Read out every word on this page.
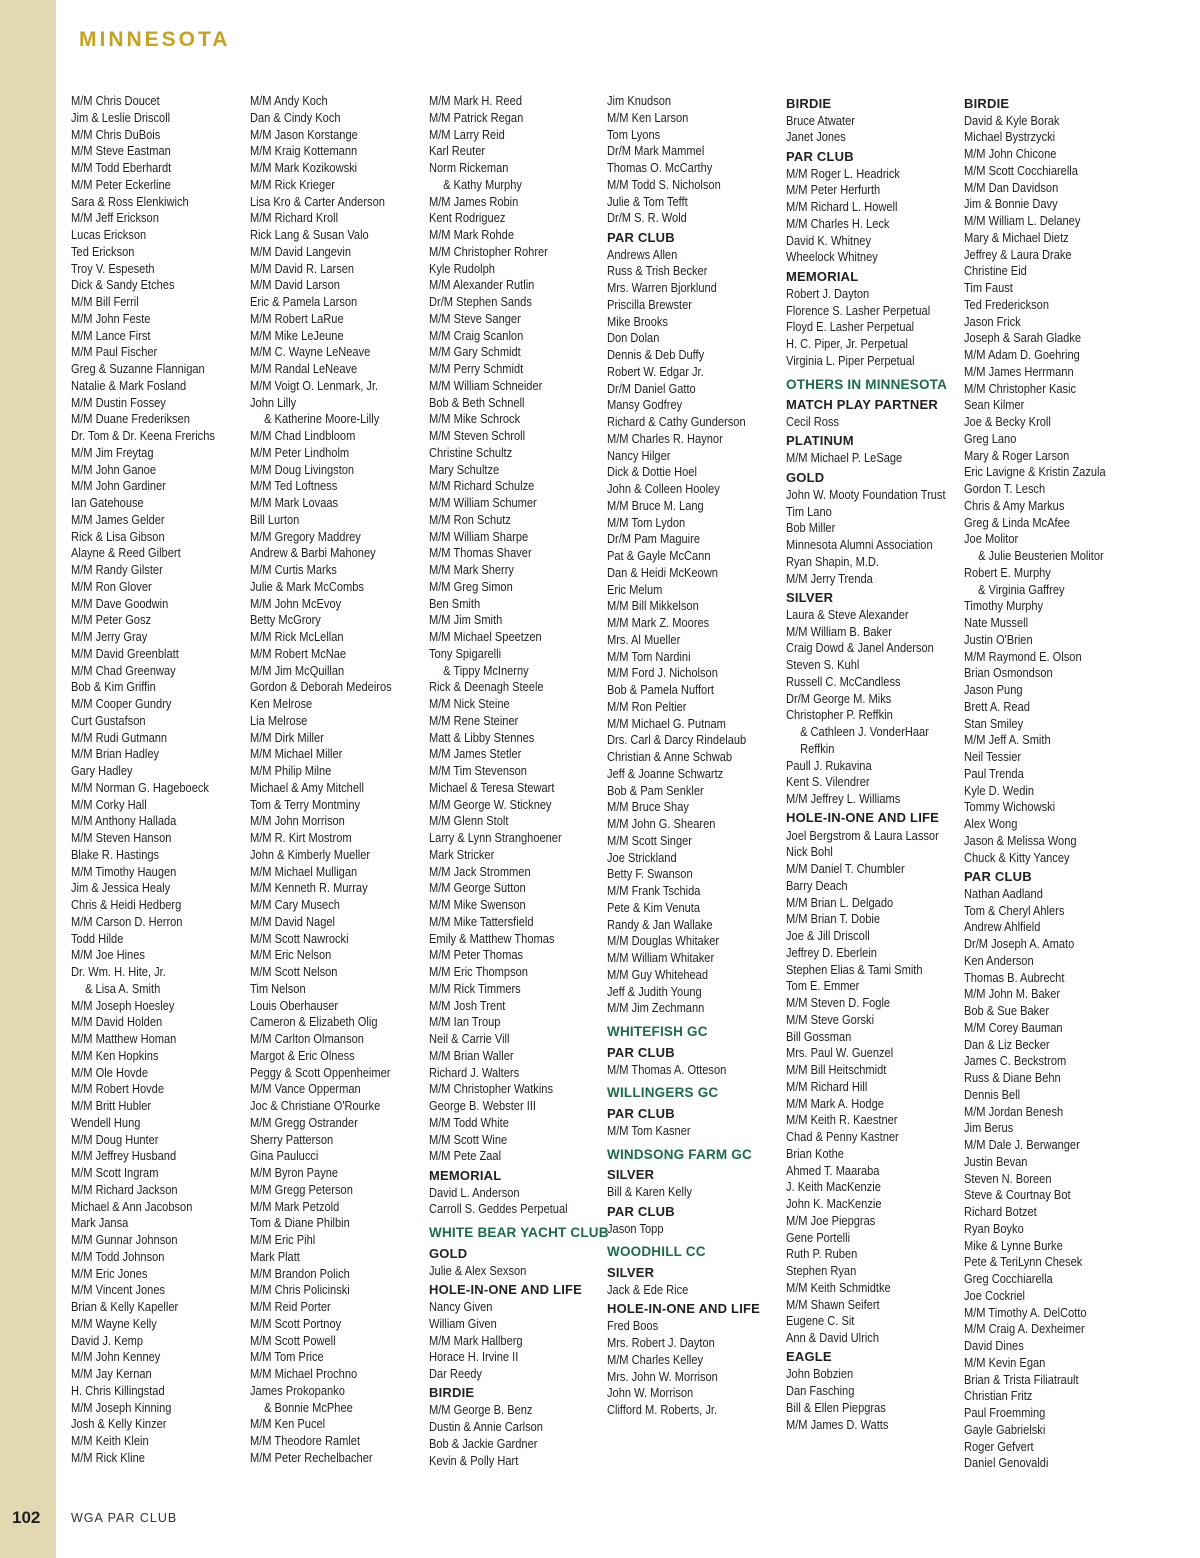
MINNESOTA
M/M Chris Doucet
Jim & Leslie Driscoll
M/M Chris DuBois
M/M Steve Eastman
M/M Todd Eberhardt
M/M Peter Eckerline
Sara & Ross Elenkiwich
M/M Jeff Erickson
Lucas Erickson
Ted Erickson
Troy V. Espeseth
Dick & Sandy Etches
M/M Bill Ferril
M/M John Feste
M/M Lance First
M/M Paul Fischer
Greg & Suzanne Flannigan
Natalie & Mark Fosland
M/M Dustin Fossey
M/M Duane Frederiksen
Dr. Tom & Dr. Keena Frerichs
M/M Jim Freytag
M/M John Ganoe
M/M John Gardiner
Ian Gatehouse
M/M James Gelder
Rick & Lisa Gibson
Alayne & Reed Gilbert
M/M Randy Gilster
M/M Ron Glover
M/M Dave Goodwin
M/M Peter Gosz
M/M Jerry Gray
M/M David Greenblatt
M/M Chad Greenway
Bob & Kim Griffin
M/M Cooper Gundry
Curt Gustafson
M/M Rudi Gutmann
M/M Brian Hadley
Gary Hadley
M/M Norman G. Hageboeck
M/M Corky Hall
M/M Anthony Hallada
M/M Steven Hanson
Blake R. Hastings
M/M Timothy Haugen
Jim & Jessica Healy
Chris & Heidi Hedberg
M/M Carson D. Herron
Todd Hilde
M/M Joe Hines
Dr. Wm. H. Hite, Jr.
& Lisa A. Smith
M/M Joseph Hoesley
M/M David Holden
M/M Matthew Homan
M/M Ken Hopkins
M/M Ole Hovde
M/M Robert Hovde
M/M Britt Hubler
Wendell Hung
M/M Doug Hunter
M/M Jeffrey Husband
M/M Scott Ingram
M/M Richard Jackson
Michael & Ann Jacobson
Mark Jansa
M/M Gunnar Johnson
M/M Todd Johnson
M/M Eric Jones
M/M Vincent Jones
Brian & Kelly Kapeller
M/M Wayne Kelly
David J. Kemp
M/M John Kenney
M/M Jay Kernan
H. Chris Killingstad
M/M Joseph Kinning
Josh & Kelly Kinzer
M/M Keith Klein
M/M Rick Kline
M/M Andy Koch
Dan & Cindy Koch
M/M Jason Korstange
M/M Kraig Kottemann
M/M Mark Kozikowski
M/M Rick Krieger
Lisa Kro & Carter Anderson
M/M Richard Kroll
Rick Lang & Susan Valo
M/M David Langevin
M/M David R. Larsen
M/M David Larson
Eric & Pamela Larson
M/M Robert LaRue
M/M Mike LeJeune
M/M C. Wayne LeNeave
M/M Randal LeNeave
M/M Voigt O. Lenmark, Jr.
John Lilly
& Katherine Moore-Lilly
M/M Chad Lindbloom
M/M Peter Lindholm
M/M Doug Livingston
M/M Ted Loftness
M/M Mark Lovaas
Bill Lurton
M/M Gregory Maddrey
Andrew & Barbi Mahoney
M/M Curtis Marks
Julie & Mark McCombs
M/M John McEvoy
Betty McGrory
M/M Rick McLellan
M/M Robert McNae
M/M Jim McQuillan
Gordon & Deborah Medeiros
Ken Melrose
Lia Melrose
M/M Dirk Miller
M/M Michael Miller
M/M Philip Milne
Michael & Amy Mitchell
Tom & Terry Montminy
M/M John Morrison
M/M R. Kirt Mostrom
John & Kimberly Mueller
M/M Michael Mulligan
M/M Kenneth R. Murray
M/M Cary Musech
M/M David Nagel
M/M Scott Nawrocki
M/M Eric Nelson
M/M Scott Nelson
Tim Nelson
Louis Oberhauser
Cameron & Elizabeth Olig
M/M Carlton Olmanson
Margot & Eric Olness
Peggy & Scott Oppenheimer
M/M Vance Opperman
Joc & Christiane O'Rourke
M/M Gregg Ostrander
Sherry Patterson
Gina Paulucci
M/M Byron Payne
M/M Gregg Peterson
M/M Mark Petzold
Tom & Diane Philbin
M/M Eric Pihl
Mark Platt
M/M Brandon Polich
M/M Chris Policinski
M/M Reid Porter
M/M Scott Portnoy
M/M Scott Powell
M/M Tom Price
M/M Michael Prochno
James Prokopanko
& Bonnie McPhee
M/M Ken Pucel
M/M Theodore Ramlet
M/M Peter Rechelbacher
M/M Mark H. Reed
M/M Patrick Regan
M/M Larry Reid
Karl Reuter
Norm Rickeman
& Kathy Murphy
M/M James Robin
Kent Rodriguez
M/M Mark Rohde
M/M Christopher Rohrer
Kyle Rudolph
M/M Alexander Rutlin
Dr/M Stephen Sands
M/M Steve Sanger
M/M Craig Scanlon
M/M Gary Schmidt
M/M Perry Schmidt
M/M William Schneider
Bob & Beth Schnell
M/M Mike Schrock
M/M Steven Schroll
Christine Schultz
Mary Schultze
M/M Richard Schulze
M/M William Schumer
M/M Ron Schutz
M/M William Sharpe
M/M Thomas Shaver
M/M Mark Sherry
M/M Greg Simon
Ben Smith
M/M Jim Smith
M/M Michael Speetzen
Tony Spigarelli
& Tippy McInerny
Rick & Deenagh Steele
M/M Nick Steine
M/M Rene Steiner
Matt & Libby Stennes
M/M James Stetler
M/M Tim Stevenson
Michael & Teresa Stewart
M/M George W. Stickney
M/M Glenn Stolt
Larry & Lynn Stranghoener
Mark Stricker
M/M Jack Strommen
M/M George Sutton
M/M Mike Swenson
M/M Mike Tattersfield
Emily & Matthew Thomas
M/M Peter Thomas
M/M Eric Thompson
M/M Rick Timmers
M/M Josh Trent
M/M Ian Troup
Neil & Carrie Vill
M/M Brian Waller
Richard J. Walters
M/M Christopher Watkins
George B. Webster III
M/M Todd White
M/M Scott Wine
M/M Pete Zaal
MEMORIAL
David L. Anderson
Carroll S. Geddes Perpetual
WHITE BEAR YACHT CLUB
GOLD
Julie & Alex Sexson
HOLE-IN-ONE AND LIFE
Nancy Given
William Given
M/M Mark Hallberg
Horace H. Irvine II
Dar Reedy
BIRDIE
M/M George B. Benz
Dustin & Annie Carlson
Bob & Jackie Gardner
Kevin & Polly Hart
Jim Knudson
M/M Ken Larson
Tom Lyons
Dr/M Mark Mammel
Thomas O. McCarthy
M/M Todd S. Nicholson
Julie & Tom Tefft
Dr/M S. R. Wold
PAR CLUB
Andrews Allen
Russ & Trish Becker
Mrs. Warren Bjorklund
Priscilla Brewster
Mike Brooks
Don Dolan
Dennis & Deb Duffy
Robert W. Edgar Jr.
Dr/M Daniel Gatto
Mansy Godfrey
Richard & Cathy Gunderson
M/M Charles R. Haynor
Nancy Hilger
Dick & Dottie Hoel
John & Colleen Hooley
M/M Bruce M. Lang
M/M Tom Lydon
Dr/M Pam Maguire
Pat & Gayle McCann
Dan & Heidi McKeown
Eric Melum
M/M Bill Mikkelson
M/M Mark Z. Moores
Mrs. Al Mueller
M/M Tom Nardini
M/M Ford J. Nicholson
Bob & Pamela Nuffort
M/M Ron Peltier
M/M Michael G. Putnam
Drs. Carl & Darcy Rindelaub
Christian & Anne Schwab
Jeff & Joanne Schwartz
Bob & Pam Senkler
M/M Bruce Shay
M/M John G. Shearen
M/M Scott Singer
Joe Strickland
Betty F. Swanson
M/M Frank Tschida
Pete & Kim Venuta
Randy & Jan Wallake
M/M Douglas Whitaker
M/M William Whitaker
M/M Guy Whitehead
Jeff & Judith Young
M/M Jim Zechmann
WHITEFISH GC
PAR CLUB
M/M Thomas A. Otteson
WILLINGERS GC
PAR CLUB
M/M Tom Kasner
WINDSONG FARM GC
SILVER
Bill & Karen Kelly
PAR CLUB
Jason Topp
WOODHILL CC
SILVER
Jack & Ede Rice
HOLE-IN-ONE AND LIFE
Fred Boos
Mrs. Robert J. Dayton
M/M Charles Kelley
Mrs. John W. Morrison
John W. Morrison
Clifford M. Roberts, Jr.
BIRDIE
Bruce Atwater
Janet Jones
PAR CLUB
M/M Roger L. Headrick
M/M Peter Herfurth
M/M Richard L. Howell
M/M Charles H. Leck
David K. Whitney
Wheelock Whitney
MEMORIAL
Robert J. Dayton
Florence S. Lasher Perpetual
Floyd E. Lasher Perpetual
H. C. Piper, Jr. Perpetual
Virginia L. Piper Perpetual
OTHERS IN MINNESOTA
MATCH PLAY PARTNER
Cecil Ross
PLATINUM
M/M Michael P. LeSage
GOLD
John W. Mooty Foundation Trust
Tim Lano
Bob Miller
Minnesota Alumni Association
Ryan Shapin, M.D.
M/M Jerry Trenda
SILVER
Laura & Steve Alexander
M/M William B. Baker
Craig Dowd & Janel Anderson
Steven S. Kuhl
Russell C. McCandless
Dr/M George M. Miks
Christopher P. Reffkin
& Cathleen J. VonderHaar
Reffkin
Paull J. Rukavina
Kent S. Vilendrer
M/M Jeffrey L. Williams
HOLE-IN-ONE AND LIFE
Joel Bergstrom & Laura Lassor
Nick Bohl
M/M Daniel T. Chumbler
Barry Deach
M/M Brian L. Delgado
M/M Brian T. Dobie
Joe & Jill Driscoll
Jeffrey D. Eberlein
Stephen Elias & Tami Smith
Tom E. Emmer
M/M Steven D. Fogle
M/M Steve Gorski
Bill Gossman
Mrs. Paul W. Guenzel
M/M Bill Heitschmidt
M/M Richard Hill
M/M Mark A. Hodge
M/M Keith R. Kaestner
Chad & Penny Kastner
Brian Kothe
Ahmed T. Maaraba
J. Keith MacKenzie
John K. MacKenzie
M/M Joe Piepgras
Gene Portelli
Ruth P. Ruben
Stephen Ryan
M/M Keith Schmidtke
M/M Shawn Seifert
Eugene C. Sit
Ann & David Ulrich
EAGLE
John Bobzien
Dan Fasching
Bill & Ellen Piepgras
M/M James D. Watts
BIRDIE
David & Kyle Borak
Michael Bystrzycki
M/M John Chicone
M/M Scott Cocchiarella
M/M Dan Davidson
Jim & Bonnie Davy
M/M William L. Delaney
Mary & Michael Dietz
Jeffrey & Laura Drake
Christine Eid
Tim Faust
Ted Frederickson
Jason Frick
Joseph & Sarah Gladke
M/M Adam D. Goehring
M/M James Herrmann
M/M Christopher Kasic
Sean Kilmer
Joe & Becky Kroll
Greg Lano
Mary & Roger Larson
Eric Lavigne & Kristin Zazula
Gordon T. Lesch
Chris & Amy Markus
Greg & Linda McAfee
Joe Molitor
& Julie Beusterien Molitor
Robert E. Murphy
& Virginia Gaffrey
Timothy Murphy
Nate Mussell
Justin O'Brien
M/M Raymond E. Olson
Brian Osmondson
Jason Pung
Brett A. Read
Stan Smiley
M/M Jeff A. Smith
Neil Tessier
Paul Trenda
Kyle D. Wedin
Tommy Wichowski
Alex Wong
Jason & Melissa Wong
Chuck & Kitty Yancey
PAR CLUB
Nathan Aadland
Tom & Cheryl Ahlers
Andrew Ahlfield
Dr/M Joseph A. Amato
Ken Anderson
Thomas B. Aubrecht
M/M John M. Baker
Bob & Sue Baker
M/M Corey Bauman
Dan & Liz Becker
James C. Beckstrom
Russ & Diane Behn
Dennis Bell
M/M Jordan Benesh
Jim Berus
M/M Dale J. Berwanger
Justin Bevan
Steven N. Boreen
Steve & Courtnay Bot
Richard Botzet
Ryan Boyko
Mike & Lynne Burke
Pete & TeriLynn Chesek
Greg Cocchiarella
Joe Cockriel
M/M Timothy A. DelCotto
M/M Craig A. Dexheimer
David Dines
M/M Kevin Egan
Brian & Trista Filiatrault
Christian Fritz
Paul Froemming
Gayle Gabrielski
Roger Gefvert
Daniel Genovaldi
102 WGA PAR CLUB
